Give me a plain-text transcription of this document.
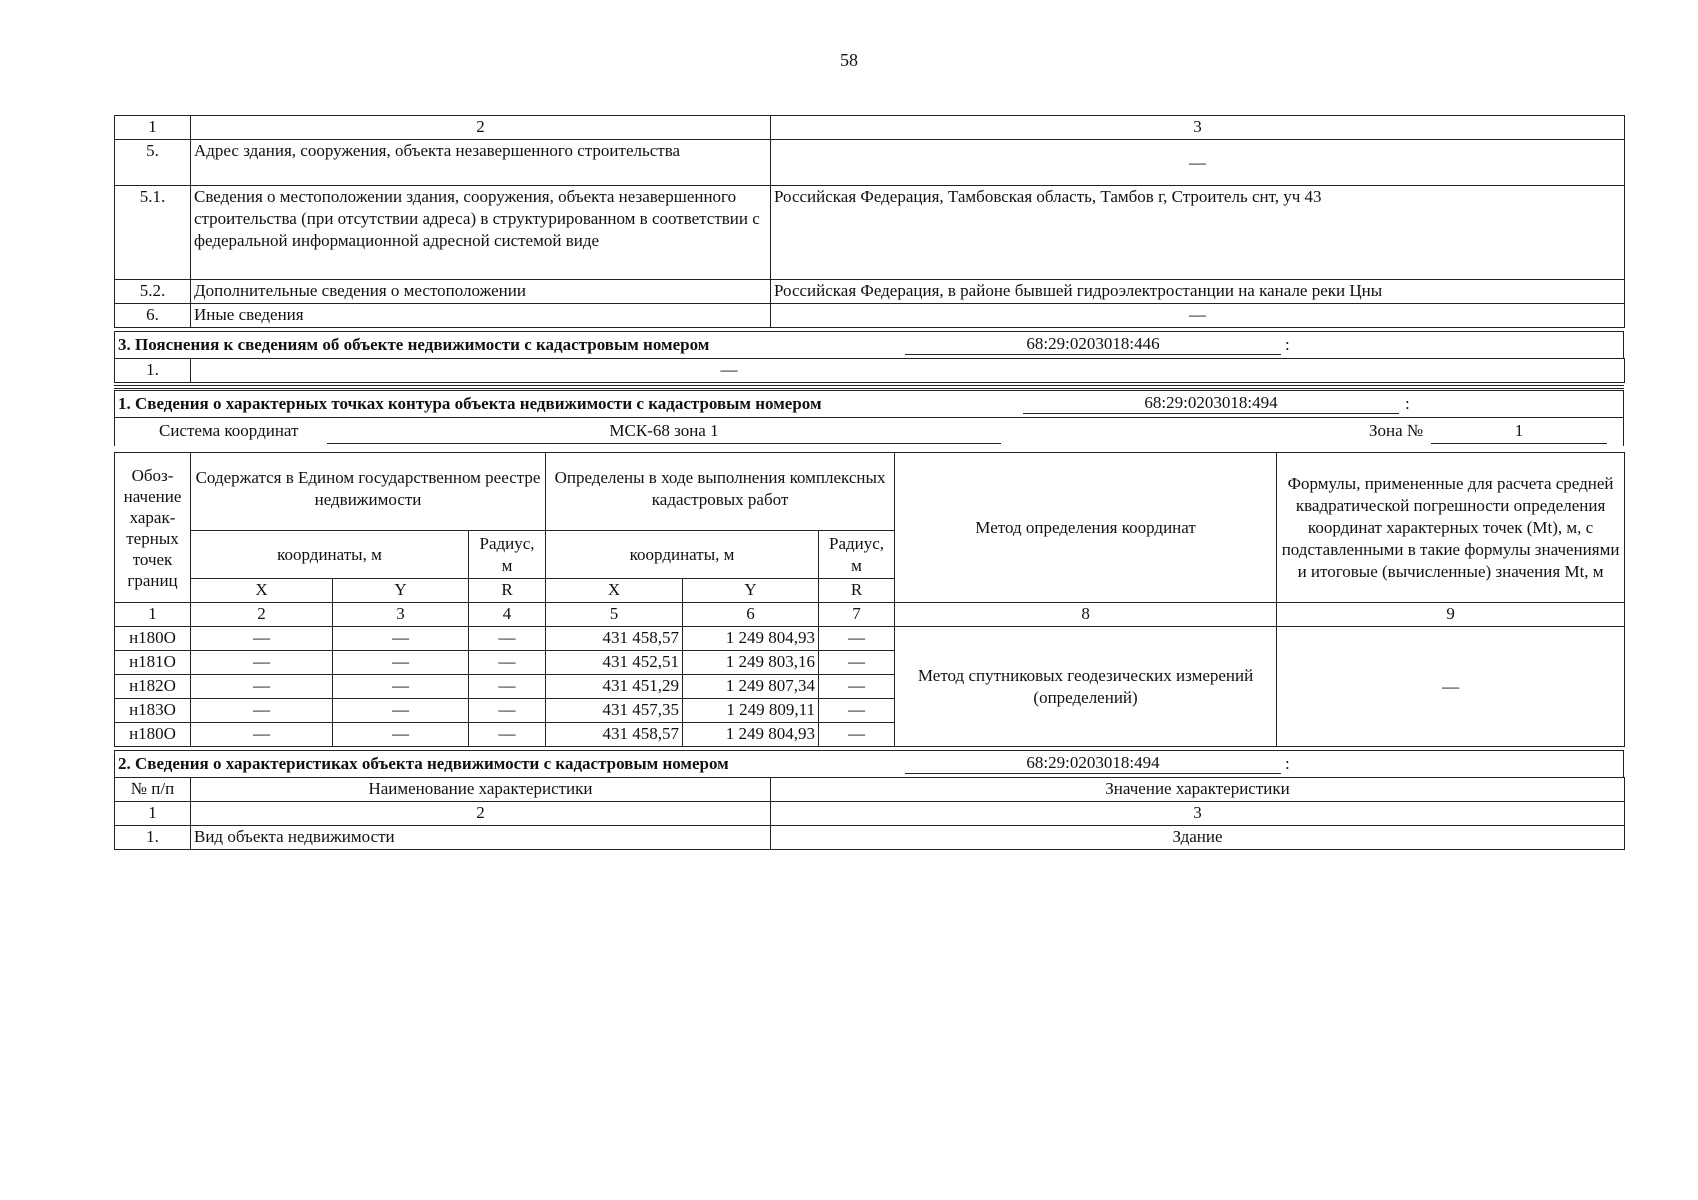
58
1	2	3
5.	Адрес здания, сооружения, объекта незавершенного строительства	—
5.1.	Сведения о местоположении здания, сооружения, объекта незавершенного строительства (при отсутствии адреса) в структурированном в соответствии с федеральной информационной адресной системой виде	Российская Федерация, Тамбовская область, Тамбов г, Строитель снт, уч 43
5.2.	Дополнительные сведения о местоположении	Российская Федерация, в районе бывшей гидроэлектростанции на канале реки Цны
6.	Иные сведения	—
3. Пояснения к сведениям об объекте недвижимости с кадастровым номером	68:29:0203018:446	:
1.	—
1. Сведения о характерных точках контура объекта недвижимости с кадастровым номером	68:29:0203018:494	:
Система координат	МСК-68 зона 1	Зона №	1
Обоз-начение харак-терных точек границ	Содержатся в Едином государственном реестре недвижимости			Определены в ходе выполнения комплексных кадастровых работ			Метод определения координат	Формулы, примененные для расчета средней квадратической погрешности определения координат характерных точек (Mt), м, с подставленными в такие формулы значениями и итоговые (вычисленные) значения Mt, м
	координаты, м		Радиус, м	координаты, м		Радиус, м		
	X	Y	R	X	Y	R		
1	2	3	4	5	6	7	8	9
н180О	—	—	—	431 458,57	1 249 804,93	—	Метод спутниковых геодезических измерений (определений)	—
н181О	—	—	—	431 452,51	1 249 803,16	—		
н182О	—	—	—	431 451,29	1 249 807,34	—		
н183О	—	—	—	431 457,35	1 249 809,11	—		
н180О	—	—	—	431 458,57	1 249 804,93	—		
2. Сведения о характеристиках объекта недвижимости с кадастровым номером	68:29:0203018:494	:
№ п/п	Наименование характеристики	Значение характеристики
1	2	3
1.	Вид объекта недвижимости	Здание
